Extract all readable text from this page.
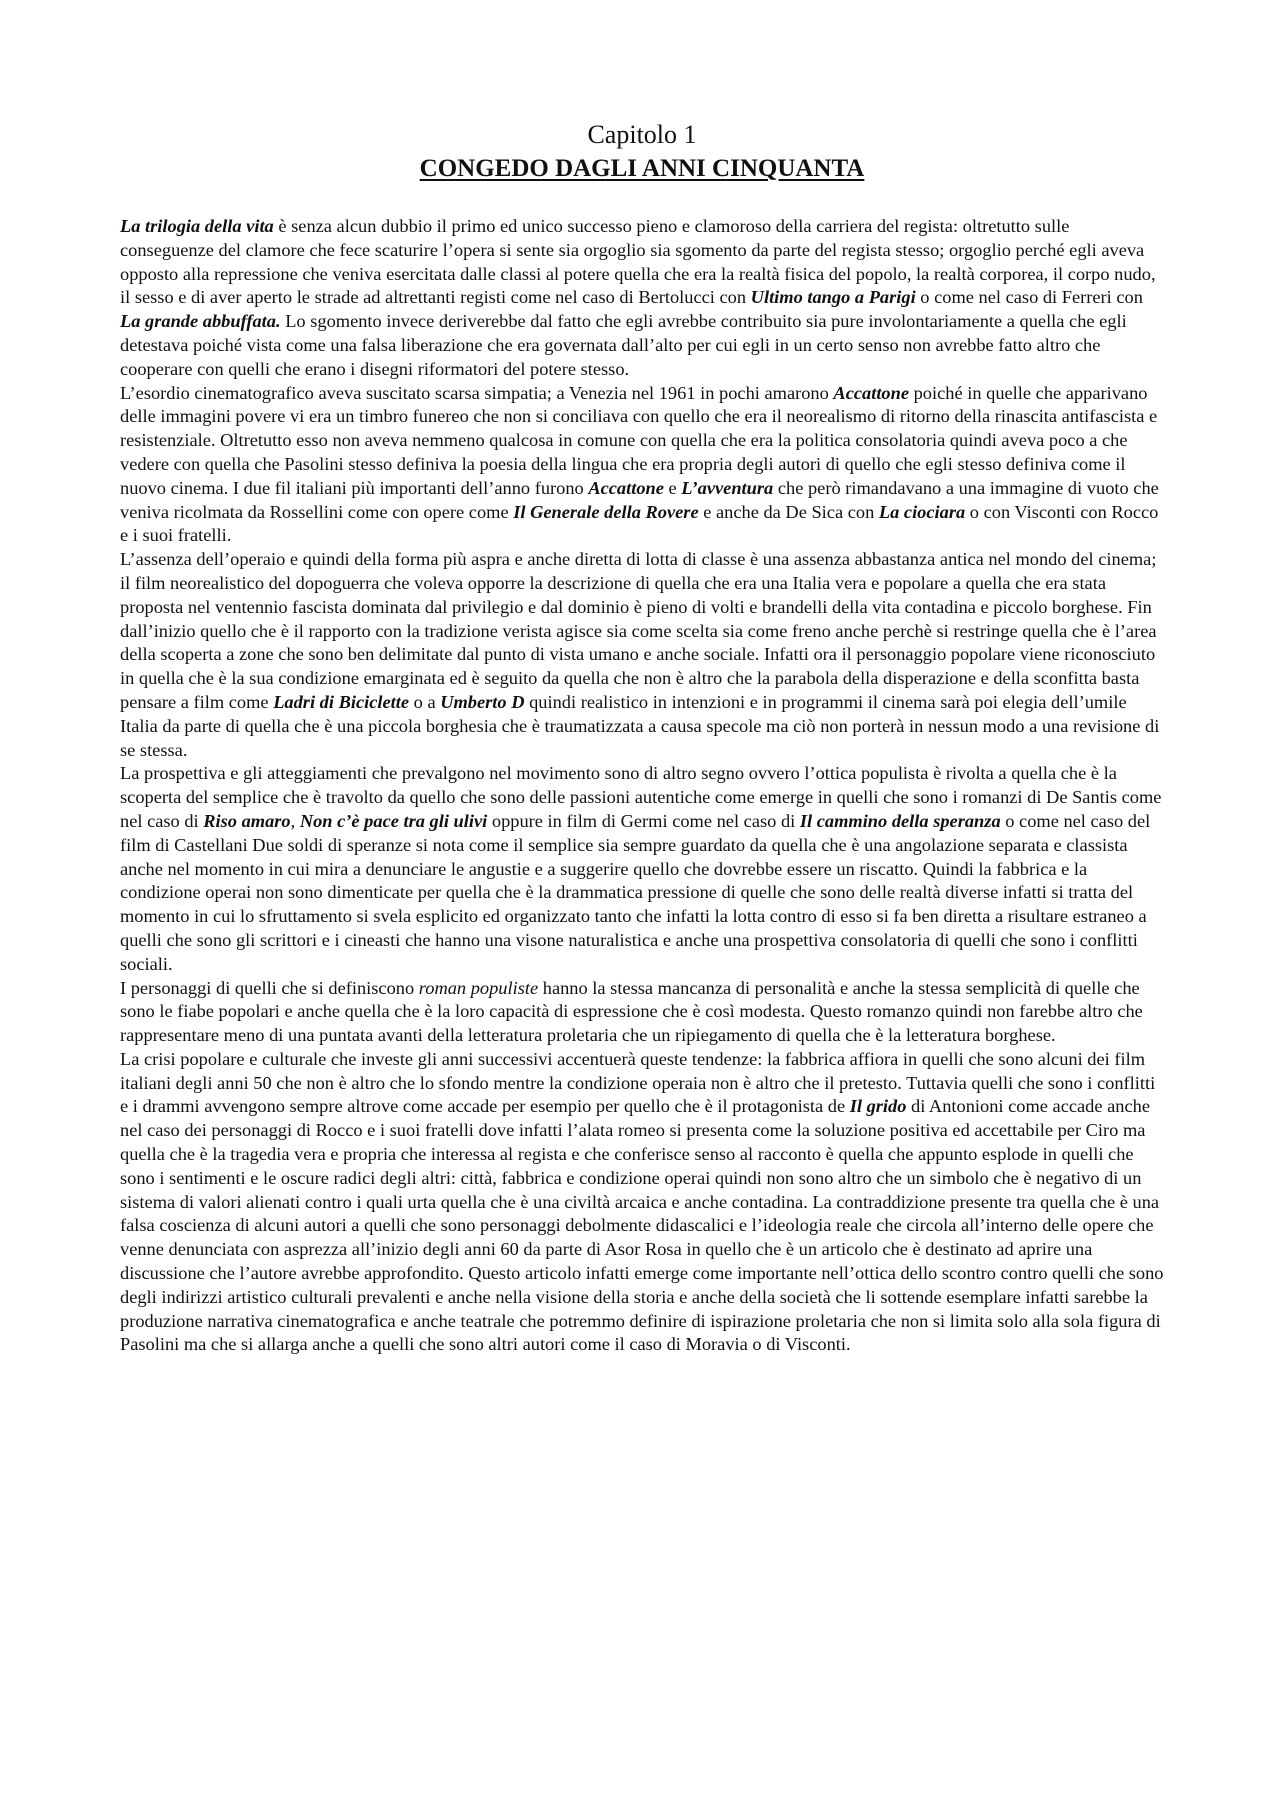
Capitolo 1
CONGEDO DAGLI ANNI CINQUANTA

La trilogia della vita è senza alcun dubbio il primo ed unico successo pieno e clamoroso della carriera del regista: oltretutto sulle conseguenze del clamore che fece scaturire l’opera si sente sia orgoglio sia sgomento da parte del regista stesso; orgoglio perché egli aveva opposto alla repressione che veniva esercitata dalle classi al potere quella che era la realtà fisica del popolo, la realtà corporea, il corpo nudo, il sesso e di aver aperto le strade ad altrettanti registi come nel caso di Bertolucci con Ultimo tango a Parigi o come nel caso di Ferreri con La grande abbuffata. Lo sgomento invece deriverebbe dal fatto che egli avrebbe contribuito sia pure involontariamente a quella che egli detestava poiché vista come una falsa liberazione che era governata dall’alto per cui egli in un certo senso non avrebbe fatto altro che cooperare con quelli che erano i disegni riformatori del potere stesso.

L’esordio cinematografico aveva suscitato scarsa simpatia; a Venezia nel 1961 in pochi amarono Accattone poiché in quelle che apparivano delle immagini povere vi era un timbro funereo che non si conciliava con quello che era il neorealismo di ritorno della rinascita antifascista e resistenziale. Oltretutto esso non aveva nemmeno qualcosa in comune con quella che era la politica consolatoria quindi aveva poco a che vedere con quella che Pasolini stesso definiva la poesia della lingua che era propria degli autori di quello che egli stesso definiva come il nuovo cinema. I due fil italiani più importanti dell’anno furono Accattone e L’avventura che però rimandavano a una immagine di vuoto che veniva ricolmata da Rossellini come con opere come Il Generale della Rovere e anche da De Sica con La ciociara o con Visconti con Rocco e i suoi fratelli.

L’assenza dell’operaio e quindi della forma più aspra e anche diretta di lotta di classe è una assenza abbastanza antica nel mondo del cinema; il film neorealistico del dopoguerra che voleva opporre la descrizione di quella che era una Italia vera e popolare a quella che era stata proposta nel ventennio fascista dominata dal privilegio e dal dominio è pieno di volti e brandelli della vita contadina e piccolo borghese. Fin dall’inizio quello che è il rapporto con la tradizione verista agisce sia come scelta sia come freno anche perchè si restringe quella che è l’area della scoperta a zone che sono ben delimitate dal punto di vista umano e anche sociale. Infatti ora il personaggio popolare viene riconosciuto in quella che è la sua condizione emarginata ed è seguito da quella che non è altro che la parabola della disperazione e della sconfitta basta pensare a film come Ladri di Biciclette o a Umberto D quindi realistico in intenzioni e in programmi il cinema sarà poi elegia dell’umile Italia da parte di quella che è una piccola borghesia che è traumatizzata a causa specole ma ciò non porterà in nessun modo a una revisione di se stessa.

La prospettiva e gli atteggiamenti che prevalgono nel movimento sono di altro segno ovvero l’ottica populista è rivolta a quella che è la scoperta del semplice che è travolto da quello che sono delle passioni autentiche come emerge in quelli che sono i romanzi di De Santis come nel caso di Riso amaro, Non c’è pace tra gli ulivi oppure in film di Germi come nel caso di Il cammino della speranza o come nel caso del film di Castellani Due soldi di speranze si nota come il semplice sia sempre guardato da quella che è una angolazione separata e classista anche nel momento in cui mira a denunciare le angustie e a suggerire quello che dovrebbe essere un riscatto. Quindi la fabbrica e la condizione operai non sono dimenticate per quella che è la drammatica pressione di quelle che sono delle realtà diverse infatti si tratta del momento in cui lo sfruttamento si svela esplicito ed organizzato tanto che infatti la lotta contro di esso si fa ben diretta a risultare estraneo a quelli che sono gli scrittori e i cineasti che hanno una visone naturalistica e anche una prospettiva consolatoria di quelli che sono i conflitti sociali.

I personaggi di quelli che si definiscono roman populiste hanno la stessa mancanza di personalità e anche la stessa semplicità di quelle che sono le fiabe popolari e anche quella che è la loro capacità di espressione che è così modesta. Questo romanzo quindi non farebbe altro che rappresentare meno di una puntata avanti della letteratura proletaria che un ripiegamento di quella che è la letteratura borghese.

La crisi popolare e culturale che investe gli anni successivi accentuerà queste tendenze: la fabbrica affiora in quelli che sono alcuni dei film italiani degli anni 50 che non è altro che lo sfondo mentre la condizione operaia non è altro che il pretesto. Tuttavia quelli che sono i conflitti e i drammi avvengono sempre altrove come accade per esempio per quello che è il protagonista de Il grido di Antonioni come accade anche nel caso dei personaggi di Rocco e i suoi fratelli dove infatti l’alata romeo si presenta come la soluzione positiva ed accettabile per Ciro ma quella che è la tragedia vera e propria che interessa al regista e che conferisce senso al racconto è quella che appunto esplode in quelli che sono i sentimenti e le oscure radici degli altri: città, fabbrica e condizione operai quindi non sono altro che un simbolo che è negativo di un sistema di valori alienati contro i quali urta quella che è una civiltà arcaica e anche contadina. La contraddizione presente tra quella che è una falsa coscienza di alcuni autori a quelli che sono personaggi debolmente didascalici e l’ideologia reale che circola all’interno delle opere che venne denunciata con asprezza all’inizio degli anni 60 da parte di Asor Rosa in quello che è un articolo che è destinato ad aprire una discussione che l’autore avrebbe approfondito. Questo articolo infatti emerge come importante nell’ottica dello scontro contro quelli che sono degli indirizzi artistico culturali prevalenti e anche nella visione della storia e anche della società che li sottende esemplare infatti sarebbe la produzione narrativa cinematografica e anche teatrale che potremmo definire di ispirazione proletaria che non si limita solo alla sola figura di Pasolini ma che si allarga anche a quelli che sono altri autori come il caso di Moravia o di Visconti.
